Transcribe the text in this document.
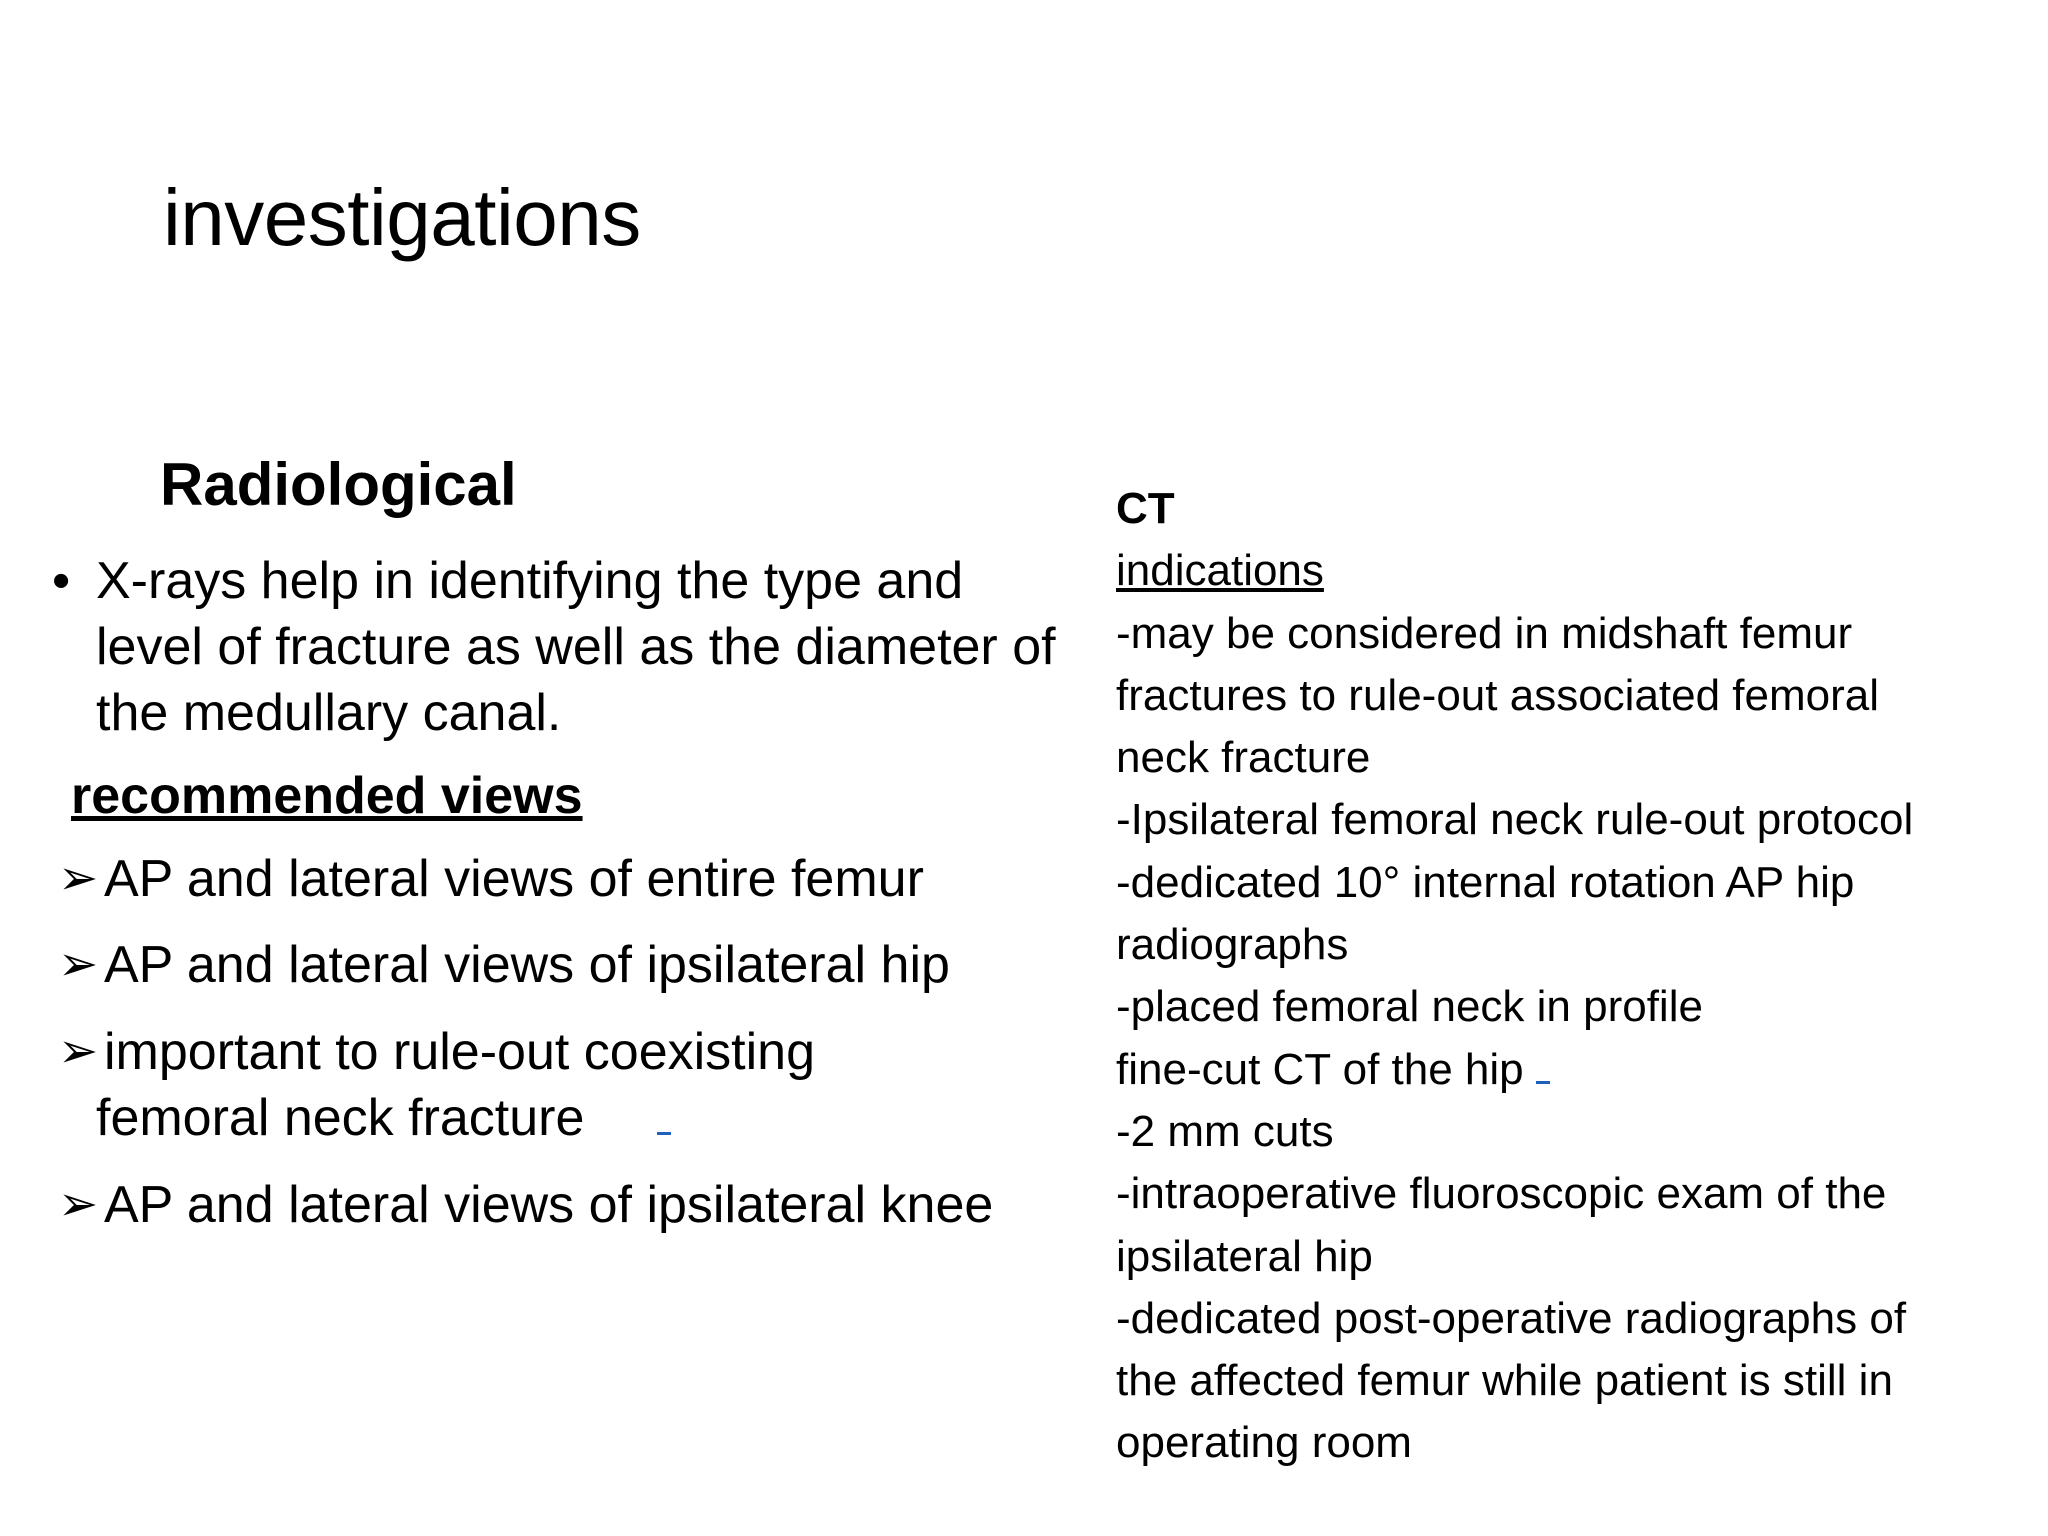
investigations
Radiological
• X-rays help in identifying the type and level of fracture as well as the diameter of the medullary canal.
recommended views
➢ AP and lateral views of entire femur
➢ AP and lateral views of ipsilateral hip
➢ important to rule-out coexisting
femoral neck fracture
➢ AP and lateral views of ipsilateral knee
CT
indications
-may be considered in midshaft femur
fractures to rule-out associated femoral
neck fracture
-Ipsilateral femoral neck rule-out protocol
-dedicated 10° internal rotation AP hip
radiographs
-placed femoral neck in profile
fine-cut CT of the hip
-2 mm cuts
-intraoperative fluoroscopic exam of the
ipsilateral hip
-dedicated post-operative radiographs of
the affected femur while patient is still in
operating room
